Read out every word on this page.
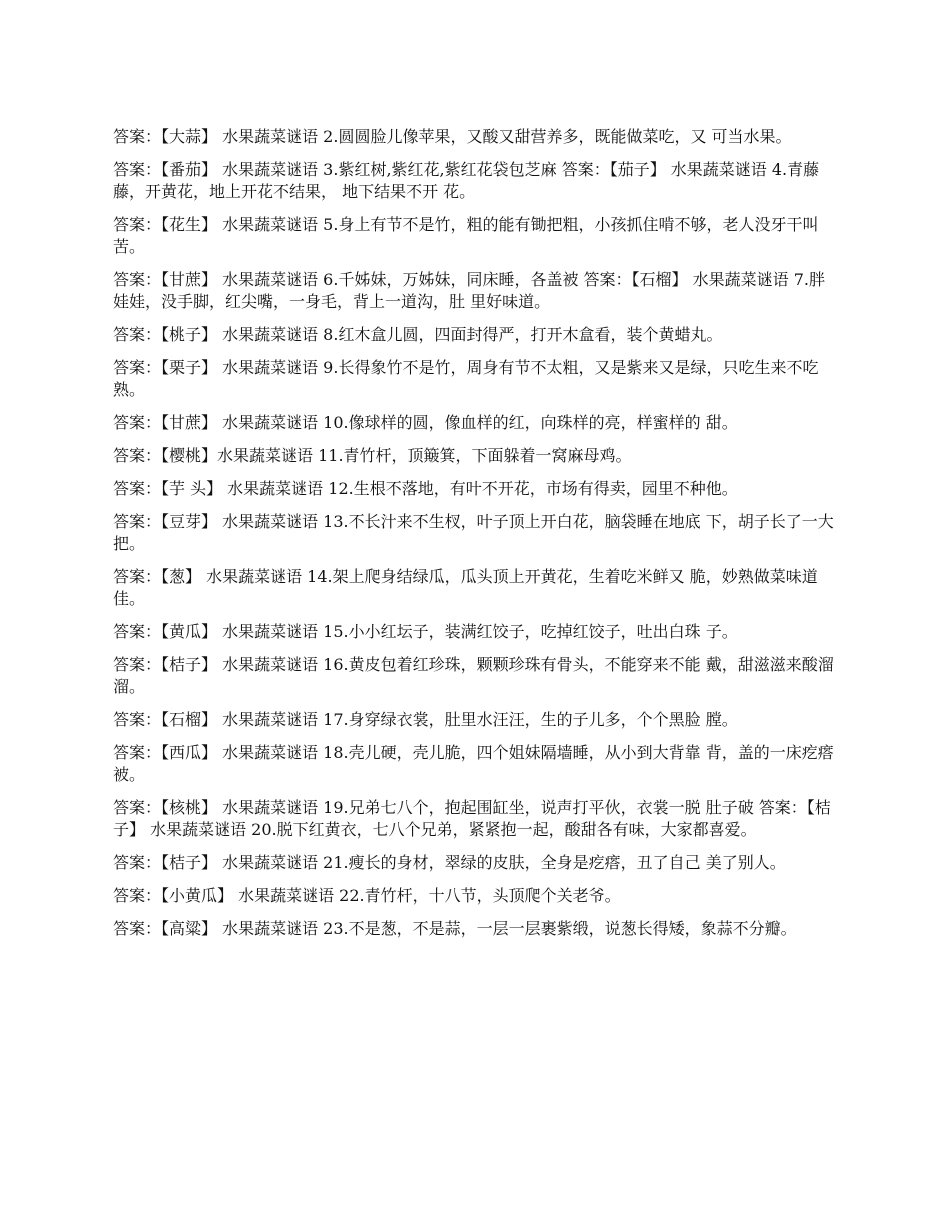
答案：【大蒜】 水果蔬菜谜语 2.圆圆脸儿像苹果，又酸又甜营养多，既能做菜吃，又 可当水果。

答案：【番茄】 水果蔬菜谜语 3.紫红树,紫红花,紫红花袋包芝麻 答案：【茄子】 水果蔬菜谜语 4.青藤藤，开黄花，地上开花不结果， 地下结果不开 花。

答案：【花生】 水果蔬菜谜语 5.身上有节不是竹，粗的能有锄把粗，小孩抓住啃不够，老人没牙干叫苦。

答案：【甘蔗】 水果蔬菜谜语 6.千姊妹，万姊妹，同床睡，各盖被 答案：【石榴】 水果蔬菜谜语 7.胖娃娃，没手脚，红尖嘴，一身毛，背上一道沟，肚 里好味道。

答案：【桃子】 水果蔬菜谜语 8.红木盒儿圆，四面封得严，打开木盒看，装个黄蜡丸。

答案：【栗子】 水果蔬菜谜语 9.长得象竹不是竹，周身有节不太粗，又是紫来又是绿，只吃生来不吃熟。

答案：【甘蔗】 水果蔬菜谜语 10.像球样的圆，像血样的红，向珠样的亮，样蜜样的 甜。

答案：【樱桃】水果蔬菜谜语 11.青竹杆，顶簸箕，下面躲着一窝麻母鸡。

答案：【芋 头】 水果蔬菜谜语 12.生根不落地，有叶不开花，市场有得卖，园里不种他。

答案：【豆芽】 水果蔬菜谜语 13.不长汁来不生杈，叶子顶上开白花，脑袋睡在地底 下，胡子长了一大把。

答案：【葱】 水果蔬菜谜语 14.架上爬身结绿瓜，瓜头顶上开黄花，生着吃米鲜又 脆，妙熟做菜味道佳。

答案：【黄瓜】 水果蔬菜谜语 15.小小红坛子，装满红饺子，吃掉红饺子，吐出白珠 子。

答案：【桔子】 水果蔬菜谜语 16.黄皮包着红珍珠，颗颗珍珠有骨头，不能穿来不能 戴，甜滋滋来酸溜溜。

答案：【石榴】 水果蔬菜谜语 17.身穿绿衣裳，肚里水汪汪，生的子儿多，个个黑脸 膛。

答案：【西瓜】 水果蔬菜谜语 18.壳儿硬，壳儿脆，四个姐妹隔墙睡，从小到大背靠 背，盖的一床疙瘩被。

答案：【核桃】 水果蔬菜谜语 19.兄弟七八个，抱起围缸坐，说声打平伙，衣裳一脱 肚子破 答案：【桔子】 水果蔬菜谜语 20.脱下红黄衣，七八个兄弟，紧紧抱一起，酸甜各有味，大家都喜爱。

答案：【桔子】 水果蔬菜谜语 21.瘦长的身材，翠绿的皮肤，全身是疙瘩，丑了自己 美了别人。

答案：【小黄瓜】 水果蔬菜谜语 22.青竹杆，十八节，头顶爬个关老爷。

答案：【高粱】 水果蔬菜谜语 23.不是葱，不是蒜，一层一层裹紫缎，说葱长得矮，象蒜不分瓣。
